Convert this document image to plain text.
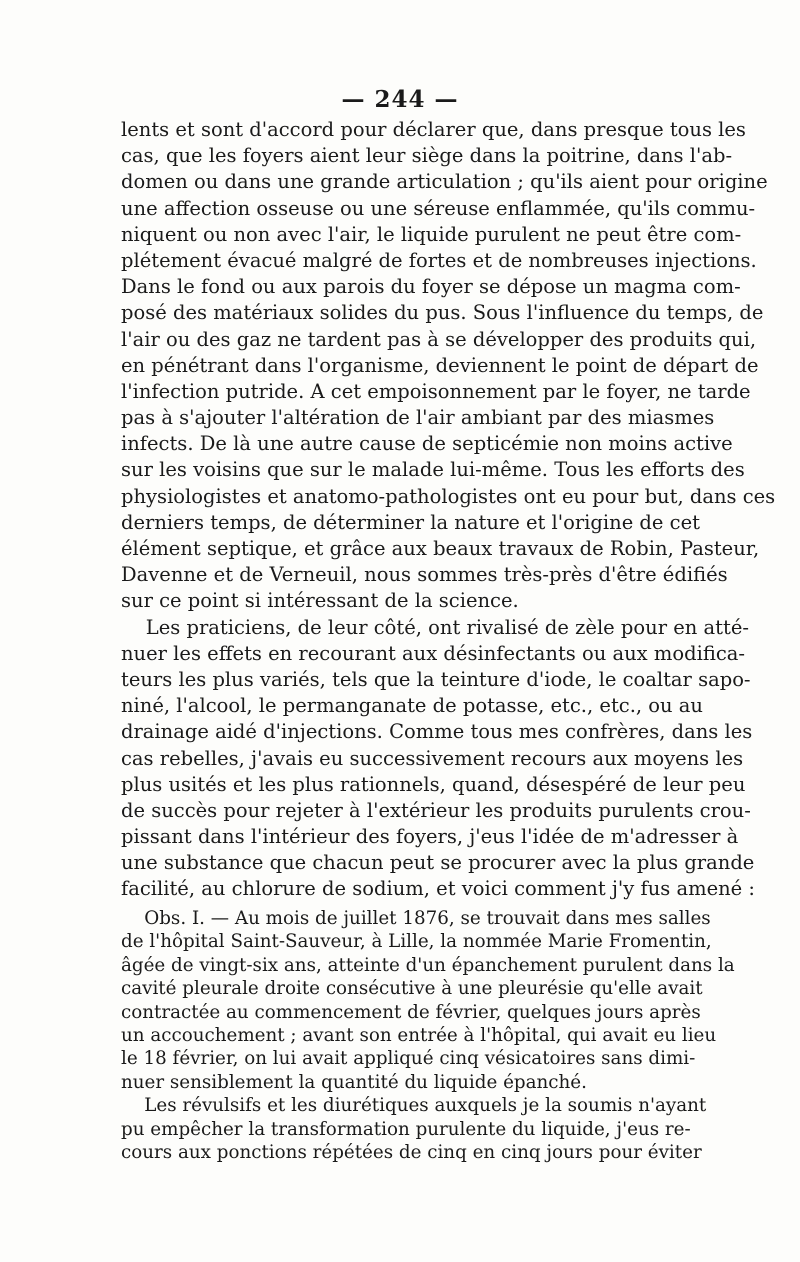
— 244 —
lents et sont d'accord pour déclarer que, dans presque tous les
cas, que les foyers aient leur siège dans la poitrine, dans l'ab-
domen ou dans une grande articulation ; qu'ils aient pour origine
une affection osseuse ou une séreuse enflammée, qu'ils commu-
niquent ou non avec l'air, le liquide purulent ne peut être com-
plétement évacué malgré de fortes et de nombreuses injections.
Dans le fond ou aux parois du foyer se dépose un magma com-
posé des matériaux solides du pus. Sous l'influence du temps, de
l'air ou des gaz ne tardent pas à se développer des produits qui,
en pénétrant dans l'organisme, deviennent le point de départ de
l'infection putride. A cet empoisonnement par le foyer, ne tarde
pas à s'ajouter l'altération de l'air ambiant par des miasmes
infects. De là une autre cause de septicémie non moins active
sur les voisins que sur le malade lui-même. Tous les efforts des
physiologistes et anatomo-pathologistes ont eu pour but, dans ces
derniers temps, de déterminer la nature et l'origine de cet
élément septique, et grâce aux beaux travaux de Robin, Pasteur,
Davenne et de Verneuil, nous sommes très-près d'être édifiés
sur ce point si intéressant de la science.
Les praticiens, de leur côté, ont rivalisé de zèle pour en atté-
nuer les effets en recourant aux désinfectants ou aux modifica-
teurs les plus variés, tels que la teinture d'iode, le coaltar sapo-
niné, l'alcool, le permanganate de potasse, etc., etc., ou au
drainage aidé d'injections. Comme tous mes confrères, dans les
cas rebelles, j'avais eu successivement recours aux moyens les
plus usités et les plus rationnels, quand, désespéré de leur peu
de succès pour rejeter à l'extérieur les produits purulents crou-
pissant dans l'intérieur des foyers, j'eus l'idée de m'adresser à
une substance que chacun peut se procurer avec la plus grande
facilité, au chlorure de sodium, et voici comment j'y fus amené :
Obs. I. — Au mois de juillet 1876, se trouvait dans mes salles
de l'hôpital Saint-Sauveur, à Lille, la nommée Marie Fromentin,
âgée de vingt-six ans, atteinte d'un épanchement purulent dans la
cavité pleurale droite consécutive à une pleurésie qu'elle avait
contractée au commencement de février, quelques jours après
un accouchement ; avant son entrée à l'hôpital, qui avait eu lieu
le 18 février, on lui avait appliqué cinq vésicatoires sans dimi-
nuer sensiblement la quantité du liquide épanché.
Les révulsifs et les diurétiques auxquels je la soumis n'ayant
pu empêcher la transformation purulente du liquide, j'eus re-
cours aux ponctions répétées de cinq en cinq jours pour éviter
